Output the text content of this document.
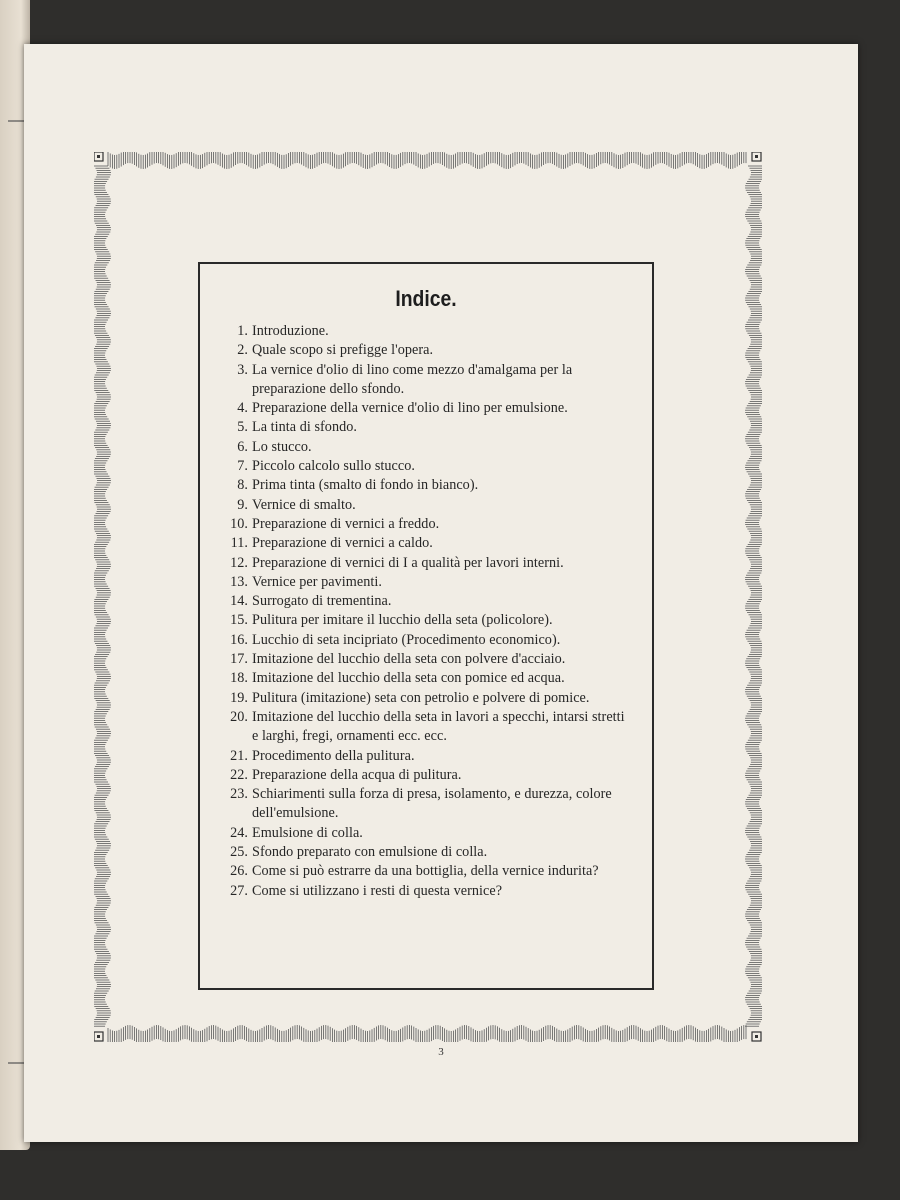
Indice.
1. Introduzione.
2. Quale scopo si prefigge l'opera.
3. La vernice d'olio di lino come mezzo d'amalgama per la preparazione dello sfondo.
4. Preparazione della vernice d'olio di lino per emulsione.
5. La tinta di sfondo.
6. Lo stucco.
7. Piccolo calcolo sullo stucco.
8. Prima tinta (smalto di fondo in bianco).
9. Vernice di smalto.
10. Preparazione di vernici a freddo.
11. Preparazione di vernici a caldo.
12. Preparazione di vernici di I a qualità per lavori interni.
13. Vernice per pavimenti.
14. Surrogato di trementina.
15. Pulitura per imitare il lucchio della seta (policolore).
16. Lucchio di seta incipriato (Procedimento economico).
17. Imitazione del lucchio della seta con polvere d'acciaio.
18. Imitazione del lucchio della seta con pomice ed acqua.
19. Pulitura (imitazione) seta con petrolio e polvere di pomice.
20. Imitazione del lucchio della seta in lavori a specchi, intarsi stretti e larghi, fregi, ornamenti ecc. ecc.
21. Procedimento della pulitura.
22. Preparazione della acqua di pulitura.
23. Schiarimenti sulla forza di presa, isolamento, e durezza, colore dell'emulsione.
24. Emulsione di colla.
25. Sfondo preparato con emulsione di colla.
26. Come si può estrarre da una bottiglia, della vernice indurita?
27. Come si utilizzano i resti di questa vernice?
3
